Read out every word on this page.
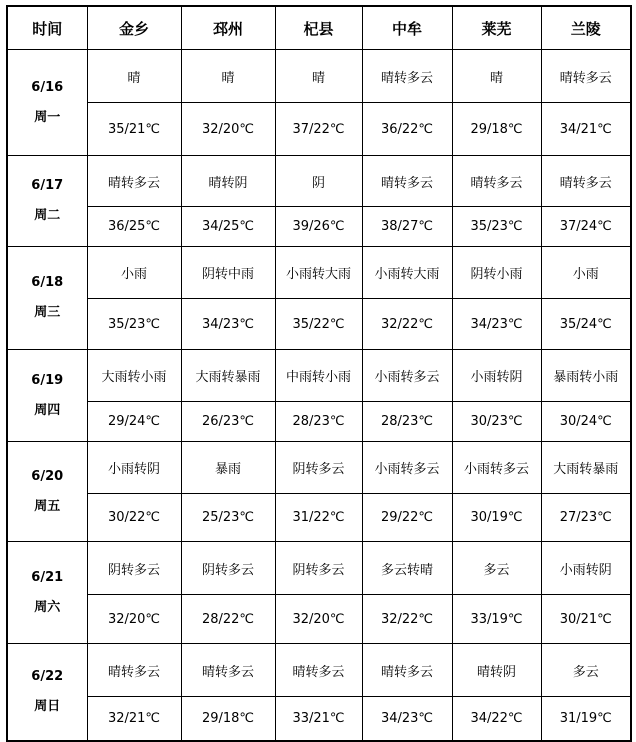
时间	金乡	邳州	杞县	中牟	莱芜	兰陵

6/16
周一	晴	晴	晴	晴转多云	晴	晴转多云
	35/21℃	32/20℃	37/22℃	36/22℃	29/18℃	34/21℃

6/17
周二	晴转多云	晴转阴	阴	晴转多云	晴转多云	晴转多云
	36/25℃	34/25℃	39/26℃	38/27℃	35/23℃	37/24℃

6/18
周三	小雨	阴转中雨	小雨转大雨	小雨转大雨	阴转小雨	小雨
	35/23℃	34/23℃	35/22℃	32/22℃	34/23℃	35/24℃

6/19
周四	大雨转小雨	大雨转暴雨	中雨转小雨	小雨转多云	小雨转阴	暴雨转小雨
	29/24℃	26/23℃	28/23℃	28/23℃	30/23℃	30/24℃

6/20
周五	小雨转阴	暴雨	阴转多云	小雨转多云	小雨转多云	大雨转暴雨
	30/22℃	25/23℃	31/22℃	29/22℃	30/19℃	27/23℃

6/21
周六	阴转多云	阴转多云	阴转多云	多云转晴	多云	小雨转阴
	32/20℃	28/22℃	32/20℃	32/22℃	33/19℃	30/21℃

6/22
周日	晴转多云	晴转多云	晴转多云	晴转多云	晴转阴	多云
	32/21℃	29/18℃	33/21℃	34/23℃	34/22℃	31/19℃
